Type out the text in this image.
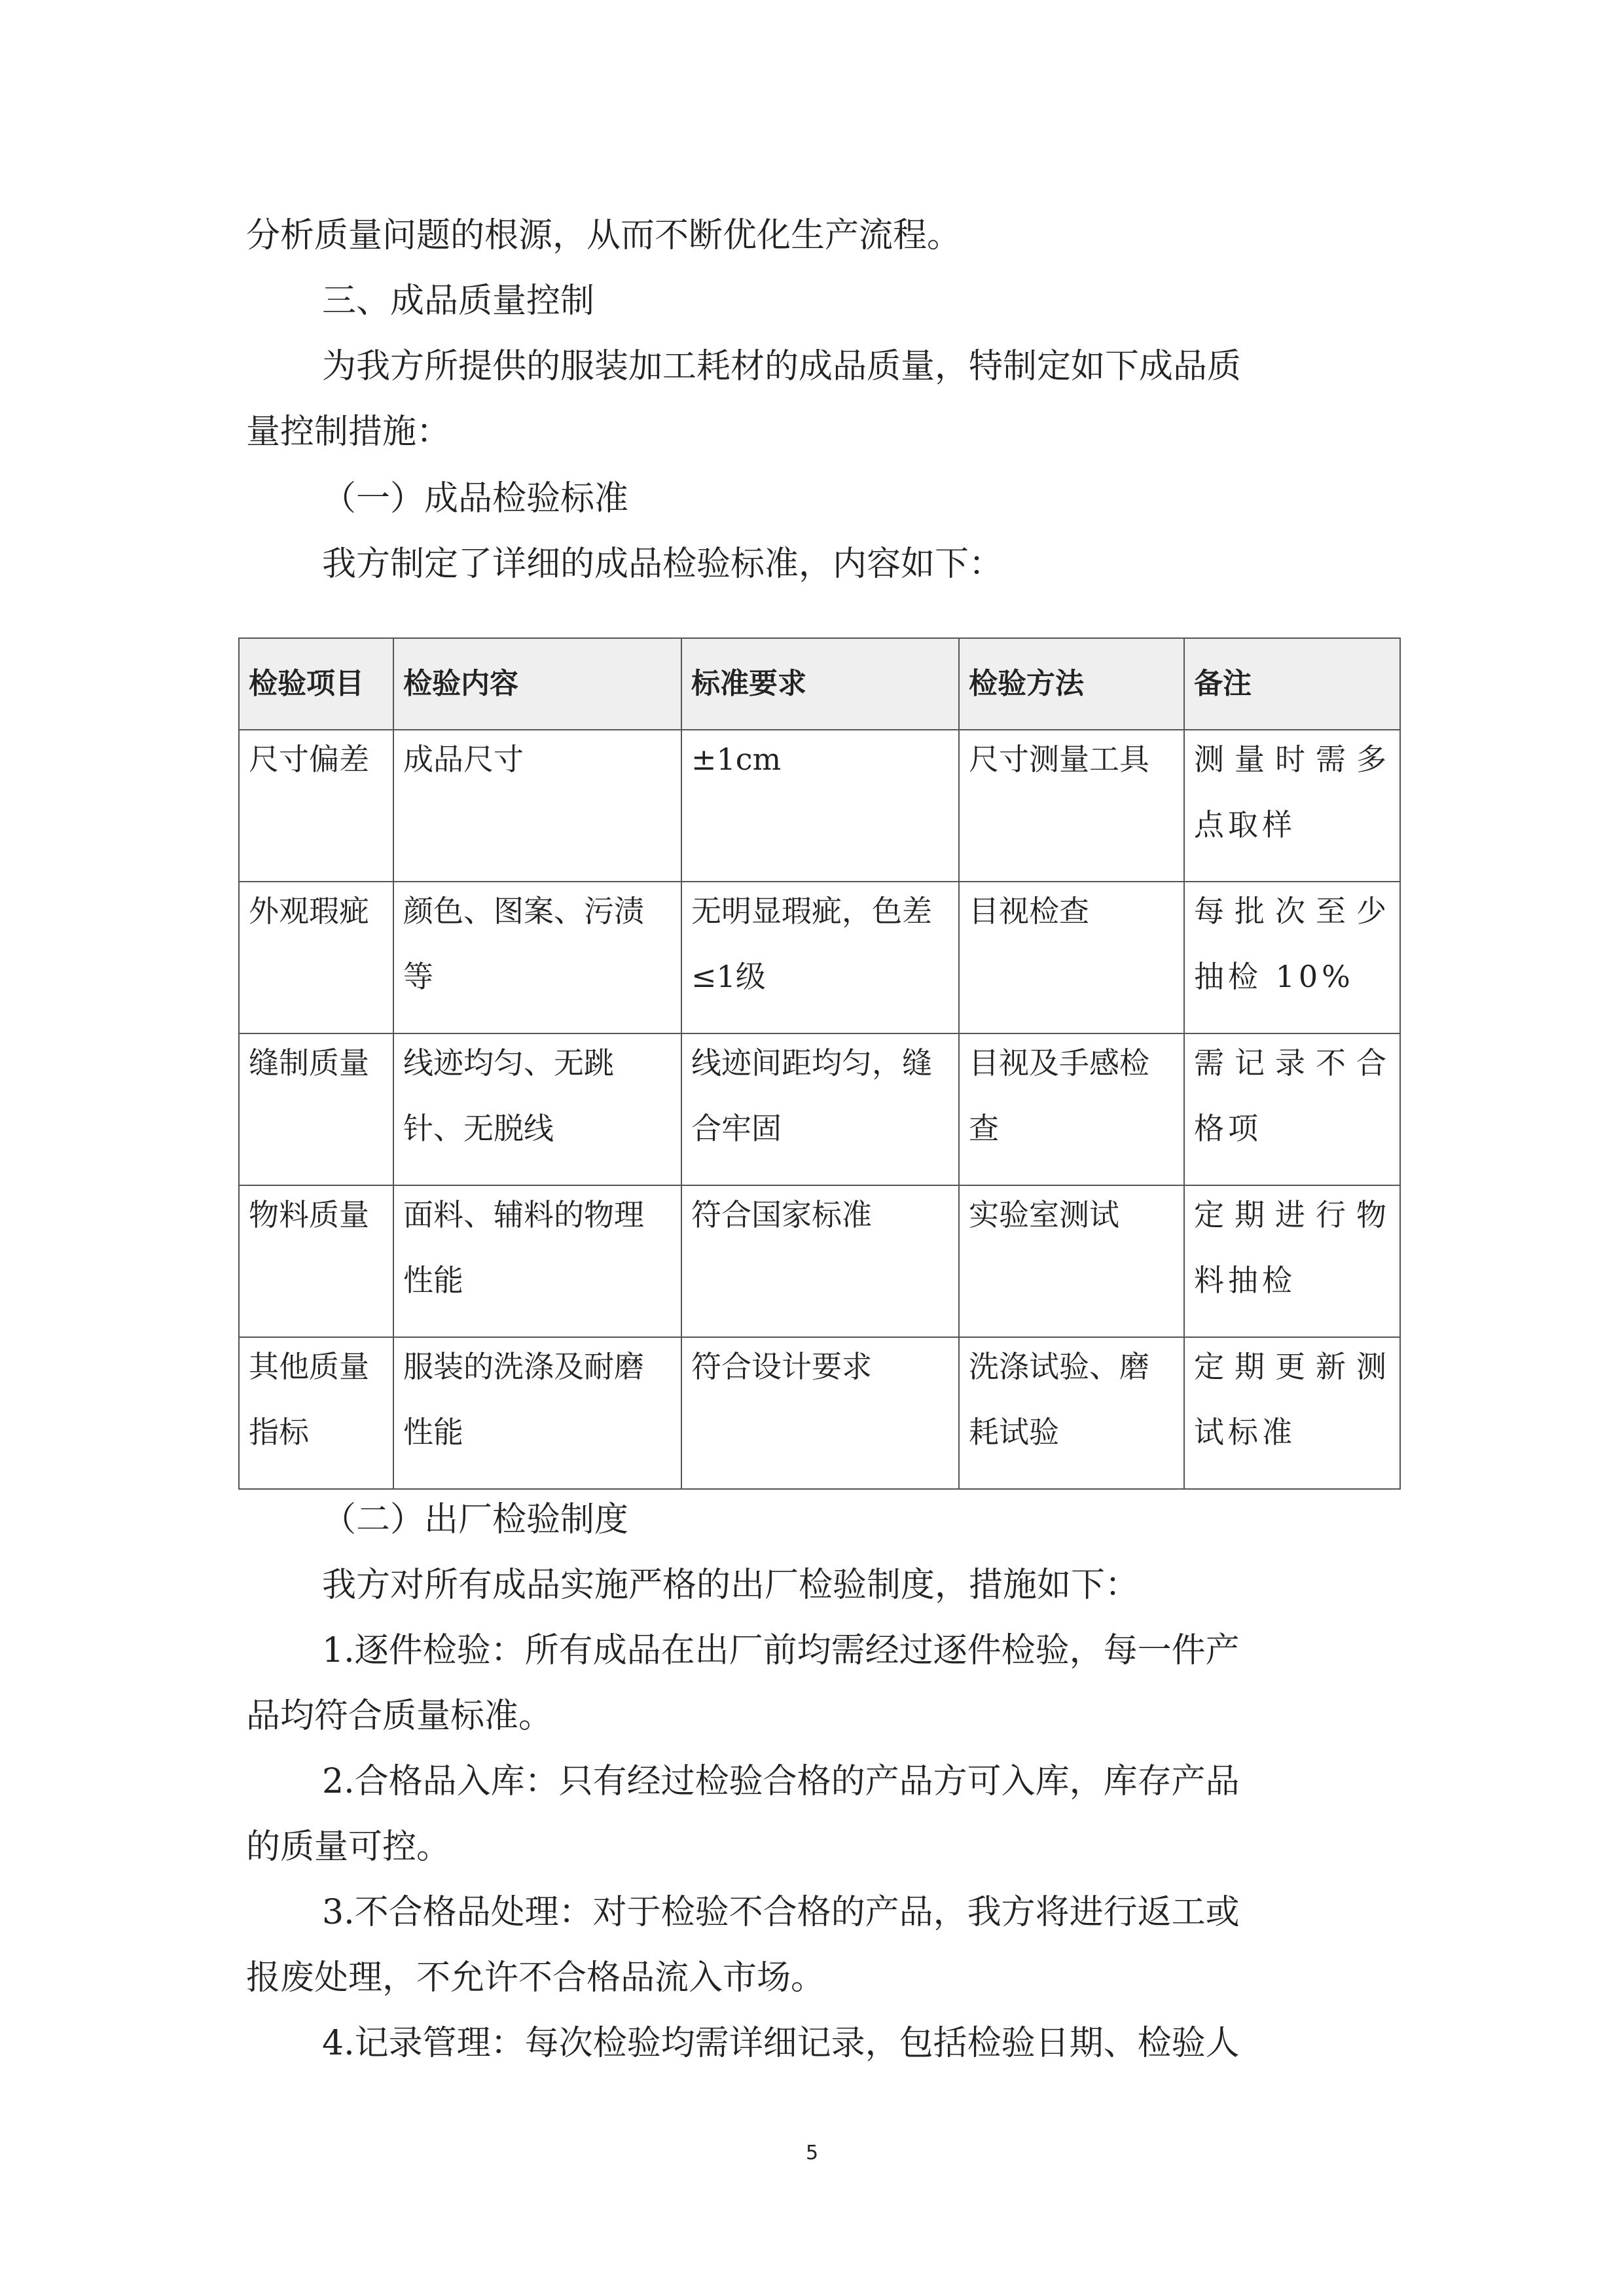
分析质量问题的根源，从而不断优化生产流程。

三、成品质量控制

为我方所提供的服装加工耗材的成品质量，特制定如下成品质

量控制措施：

（一）成品检验标准

我方制定了详细的成品检验标准，内容如下：

检验项目	检验内容	标准要求	检验方法	备注

尺寸偏差	成品尺寸	±1cm	尺寸测量工具	测量时需多点取样

外观瑕疵	颜色、图案、污渍等	无明显瑕疵，色差≤1级	目视检查	每批次至少抽检 10%

缝制质量	线迹均匀、无跳针、无脱线	线迹间距均匀，缝合牢固	目视及手感检查	需记录不合格项

物料质量	面料、辅料的物理性能	符合国家标准	实验室测试	定期进行物料抽检

其他质量指标	服装的洗涤及耐磨性能	符合设计要求	洗涤试验、磨耗试验	定期更新测试标准

（二）出厂检验制度

我方对所有成品实施严格的出厂检验制度，措施如下：

1.逐件检验：所有成品在出厂前均需经过逐件检验，每一件产

品均符合质量标准。

2.合格品入库：只有经过检验合格的产品方可入库，库存产品

的质量可控。

3.不合格品处理：对于检验不合格的产品，我方将进行返工或

报废处理，不允许不合格品流入市场。

4.记录管理：每次检验均需详细记录，包括检验日期、检验人

5
